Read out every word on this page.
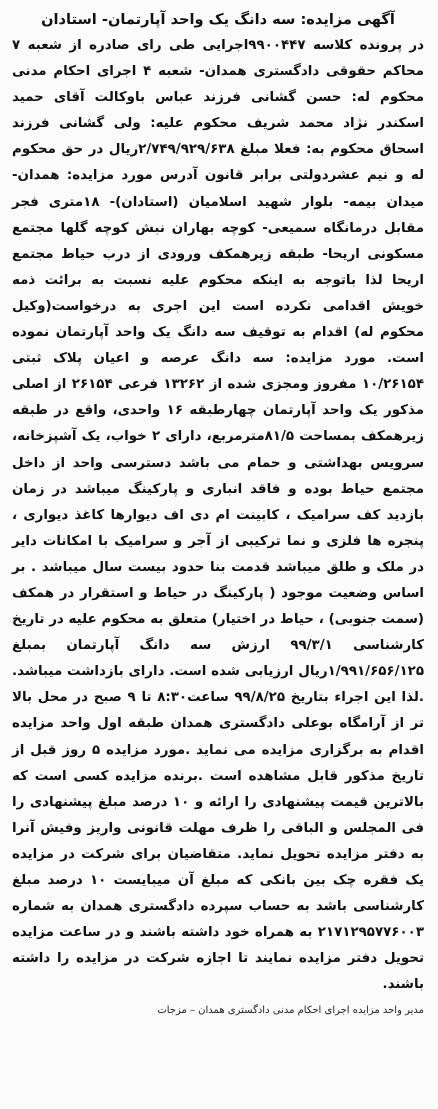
آگهی مزایده: سه دانگ یک واحد آپارتمان- استادان

در پرونده کلاسه ۹۹۰۰۴۴۷اجرایی طی رای صادره از شعبه ۷ محاکم حقوقی دادگستری همدان- شعبه ۴ اجرای احکام مدنی محکوم له: حسن گشانی فرزند عباس باوکالت آقای حمید اسکندر نژاد محمد شریف محکوم علیه: ولی گشانی فرزند اسحاق محکوم به: فعلا مبلغ ۲/۷۴۹/۹۲۹/۶۳۸ریال در حق محکوم له و نیم عشردولتی برابر قانون آدرس مورد مزایده: همدان-میدان بیمه- بلوار شهید اسلامیان (استادان)- ۱۸متری فجر مقابل درمانگاه سمیعی- کوچه بهاران نبش کوچه گلها مجتمع مسکونی اریحا- طبقه زیرهمکف ورودی از درب حیاط مجتمع اریحا لذا باتوجه به اینکه محکوم علیه نسبت به برائت ذمه خویش اقدامی نکرده است این اجری به درخواست(وکیل محکوم له) اقدام به توقیف سه دانگ یک واحد آپارتمان نموده است. مورد مزایده: سه دانگ عرصه و اعیان پلاک ثبتی ۱۰/۲۶۱۵۴ مفروز ومجزی شده از ۱۳۲۶۲ فرعی ۲۶۱۵۴ از اصلی مذکور یک واحد آپارتمان چهارطبقه ۱۶ واحدی، واقع در طبقه زیرهمکف بمساحت ۸۱/۵مترمربع، دارای ۲ خواب، یک آشپزخانه، سرویس بهداشتی و حمام می باشد دسترسی واحد از داخل مجتمع حیاط بوده و فاقد انباری و پارکینگ میباشد در زمان بازدید کف سرامیک ، کابینت ام دی اف دیوارها کاغذ دیواری ، پنجره ها فلزی و نما ترکیبی از آجر و سرامیک با امکانات دایر در ملک و طلق میباشد قدمت بنا حدود بیست سال میباشد . بر اساس وضعیت موجود ( پارکینگ در حیاط و استقرار در همکف (سمت جنوبی) ، حیاط در اختیار) متعلق به محکوم علیه در تاریخ کارشناسی ۹۹/۳/۱ ارزش سه دانگ آپارتمان بمبلغ ۱/۹۹۱/۶۵۶/۱۲۵ریال ارزیابی شده است. دارای بازداشت میباشد. .لذا این اجراء بتاریخ ۹۹/۸/۲۵ ساعت۸:۳۰ تا ۹ صبح در محل بالا تر از آرامگاه بوعلی دادگستری همدان طبقه اول واحد مزایده اقدام به برگزاری مزایده می نماید .مورد مزایده ۵ روز قبل از تاریخ مذکور قابل مشاهده است .برنده مزایده کسی است که بالاترین قیمت پیشنهادی را ارائه و ۱۰ درصد مبلغ پیشنهادی را فی المجلس و الباقی را ظرف مهلت قانونی واریز وفیش آنرا به دفتر مزایده تحویل نماید. متقاضیان برای شرکت در مزایده یک فقره چک بین بانکی که مبلغ آن میبایست ۱۰ درصد مبلغ کارشناسی باشد به حساب سپرده دادگستری همدان به شماره ۲۱۷۱۲۹۵۷۷۶۰۰۳ به همراه خود داشته باشند و در ساعت مزایده تحویل دفتر مزایده نمایند تا اجازه شرکت در مزایده را داشته باشند.

مدیر واحد مزایده اجرای احکام مدنی دادگستری همدان – مزجات
